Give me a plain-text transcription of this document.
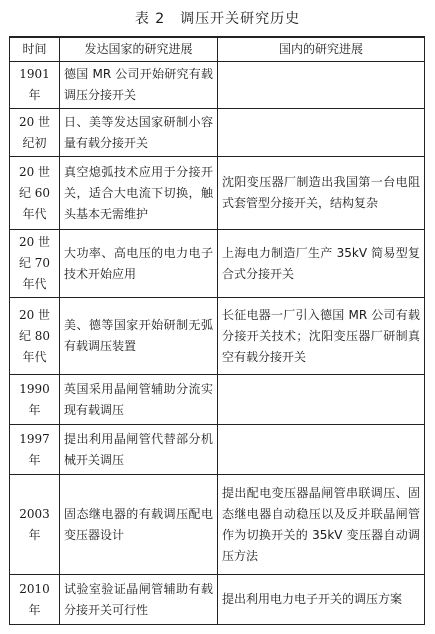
表 2　调压开关研究历史
时间	发达国家的研究进展	国内的研究进展
1901 年	德国 MR 公司开始研究有载调压分接开关	
20 世纪初	日、美等发达国家研制小容量有载分接开关	
20 世纪 60 年代	真空熄弧技术应用于分接开关，适合大电流下切换，触头基本无需维护	沈阳变压器厂制造出我国第一台电阻式套管型分接开关，结构复杂
20 世纪 70 年代	大功率、高电压的电力电子技术开始应用	上海电力制造厂生产 35kV 简易型复合式分接开关
20 世纪 80 年代	美、德等国家开始研制无弧有载调压装置	长征电器一厂引入德国 MR 公司有载分接开关技术；沈阳变压器厂研制真空有载分接开关
1990 年	英国采用晶闸管辅助分流实现有载调压	
1997 年	提出利用晶闸管代替部分机械开关调压	
2003 年	固态继电器的有载调压配电变压器设计	提出配电变压器晶闸管串联调压、固态继电器自动稳压以及反并联晶闸管作为切换开关的 35kV 变压器自动调压方法
2010 年	试验室验证晶闸管辅助有载分接开关可行性	提出利用电力电子开关的调压方案
